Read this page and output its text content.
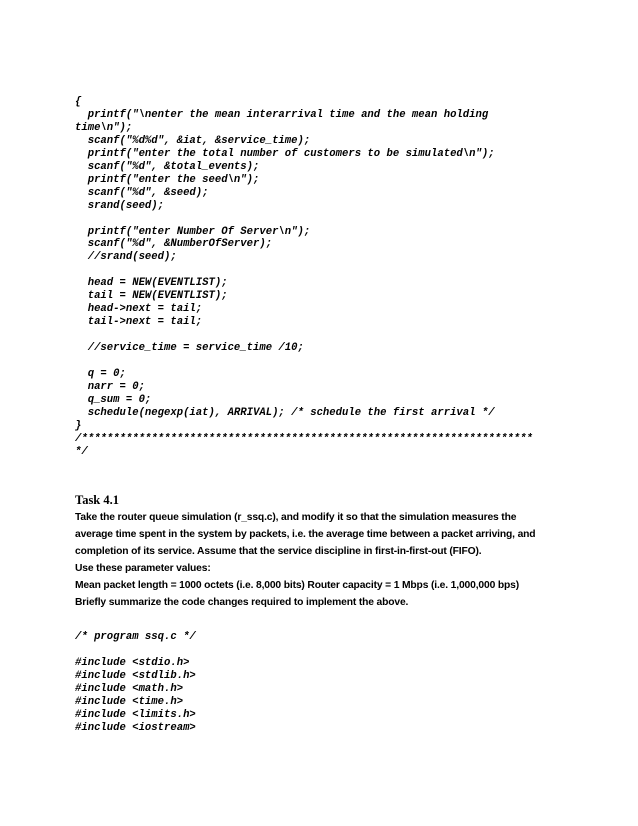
{
printf("\nenter the mean interarrival time and the mean holding
time\n");
scanf("%d%d", &iat, &service_time);
printf("enter the total number of customers to be simulated\n");
scanf("%d", &total_events);
printf("enter the seed\n");
scanf("%d", &seed);
srand(seed);
printf("enter Number Of Server\n");
scanf("%d", &NumberOfServer);
//srand(seed);
head = NEW(EVENTLIST);
tail = NEW(EVENTLIST);
head->next = tail;
tail->next = tail;
//service_time = service_time /10;
q = 0;
narr = 0;
q_sum = 0;
schedule(negexp(iat), ARRIVAL); /* schedule the first arrival */
}
/***********************************************************************
*/
Task 4.1
Take the router queue simulation (r_ssq.c), and modify it so that the simulation measures the
average time spent in the system by packets, i.e. the average time between a packet arriving, and
completion of its service. Assume that the service discipline in first-in-first-out (FIFO).
Use these parameter values:
Mean packet length = 1000 octets (i.e. 8,000 bits) Router capacity = 1 Mbps (i.e. 1,000,000 bps)
Briefly summarize the code changes required to implement the above.
/* program ssq.c */
#include <stdio.h>
#include <stdlib.h>
#include <math.h>
#include <time.h>
#include <limits.h>
#include <iostream>
